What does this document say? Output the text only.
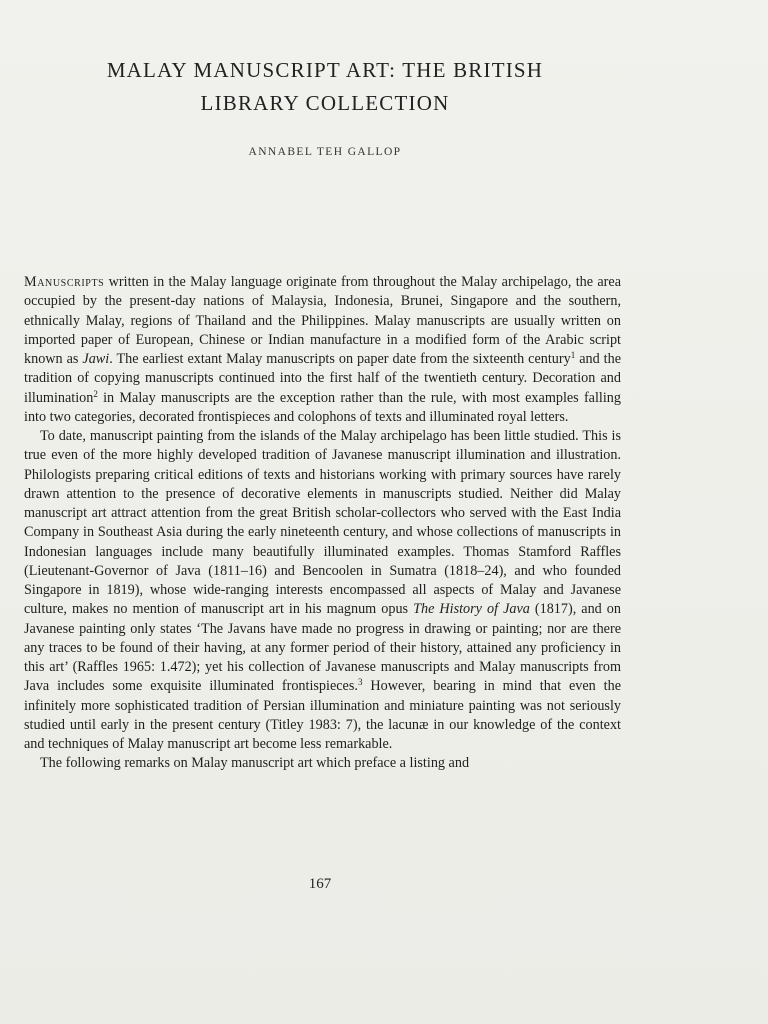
MALAY MANUSCRIPT ART: THE BRITISH
LIBRARY COLLECTION
ANNABEL TEH GALLOP

Manuscripts written in the Malay language originate from throughout the Malay archipelago, the area occupied by the present-day nations of Malaysia, Indonesia, Brunei, Singapore and the southern, ethnically Malay, regions of Thailand and the Philippines. Malay manuscripts are usually written on imported paper of European, Chinese or Indian manufacture in a modified form of the Arabic script known as Jawi. The earliest extant Malay manuscripts on paper date from the sixteenth century$^1$ and the tradition of copying manuscripts continued into the first half of the twentieth century. Decoration and illumination$^2$ in Malay manuscripts are the exception rather than the rule, with most examples falling into two categories, decorated frontispieces and colophons of texts and illuminated royal letters.

To date, manuscript painting from the islands of the Malay archipelago has been little studied. This is true even of the more highly developed tradition of Javanese manuscript illumination and illustration. Philologists preparing critical editions of texts and historians working with primary sources have rarely drawn attention to the presence of decorative elements in manuscripts studied. Neither did Malay manuscript art attract attention from the great British scholar-collectors who served with the East India Company in Southeast Asia during the early nineteenth century, and whose collections of manuscripts in Indonesian languages include many beautifully illuminated examples. Thomas Stamford Raffles (Lieutenant-Governor of Java (1811–16) and Bencoolen in Sumatra (1818–24), and who founded Singapore in 1819), whose wide-ranging interests encompassed all aspects of Malay and Javanese culture, makes no mention of manuscript art in his magnum opus The History of Java (1817), and on Javanese painting only states ‘The Javans have made no progress in drawing or painting; nor are there any traces to be found of their having, at any former period of their history, attained any proficiency in this art’ (Raffles 1965: 1.472); yet his collection of Javanese manuscripts and Malay manuscripts from Java includes some exquisite illuminated frontispieces.$^3$ However, bearing in mind that even the infinitely more sophisticated tradition of Persian illumination and miniature painting was not seriously studied until early in the present century (Titley 1983: 7), the lacunæ in our knowledge of the context and techniques of Malay manuscript art become less remarkable.

The following remarks on Malay manuscript art which preface a listing and

167
